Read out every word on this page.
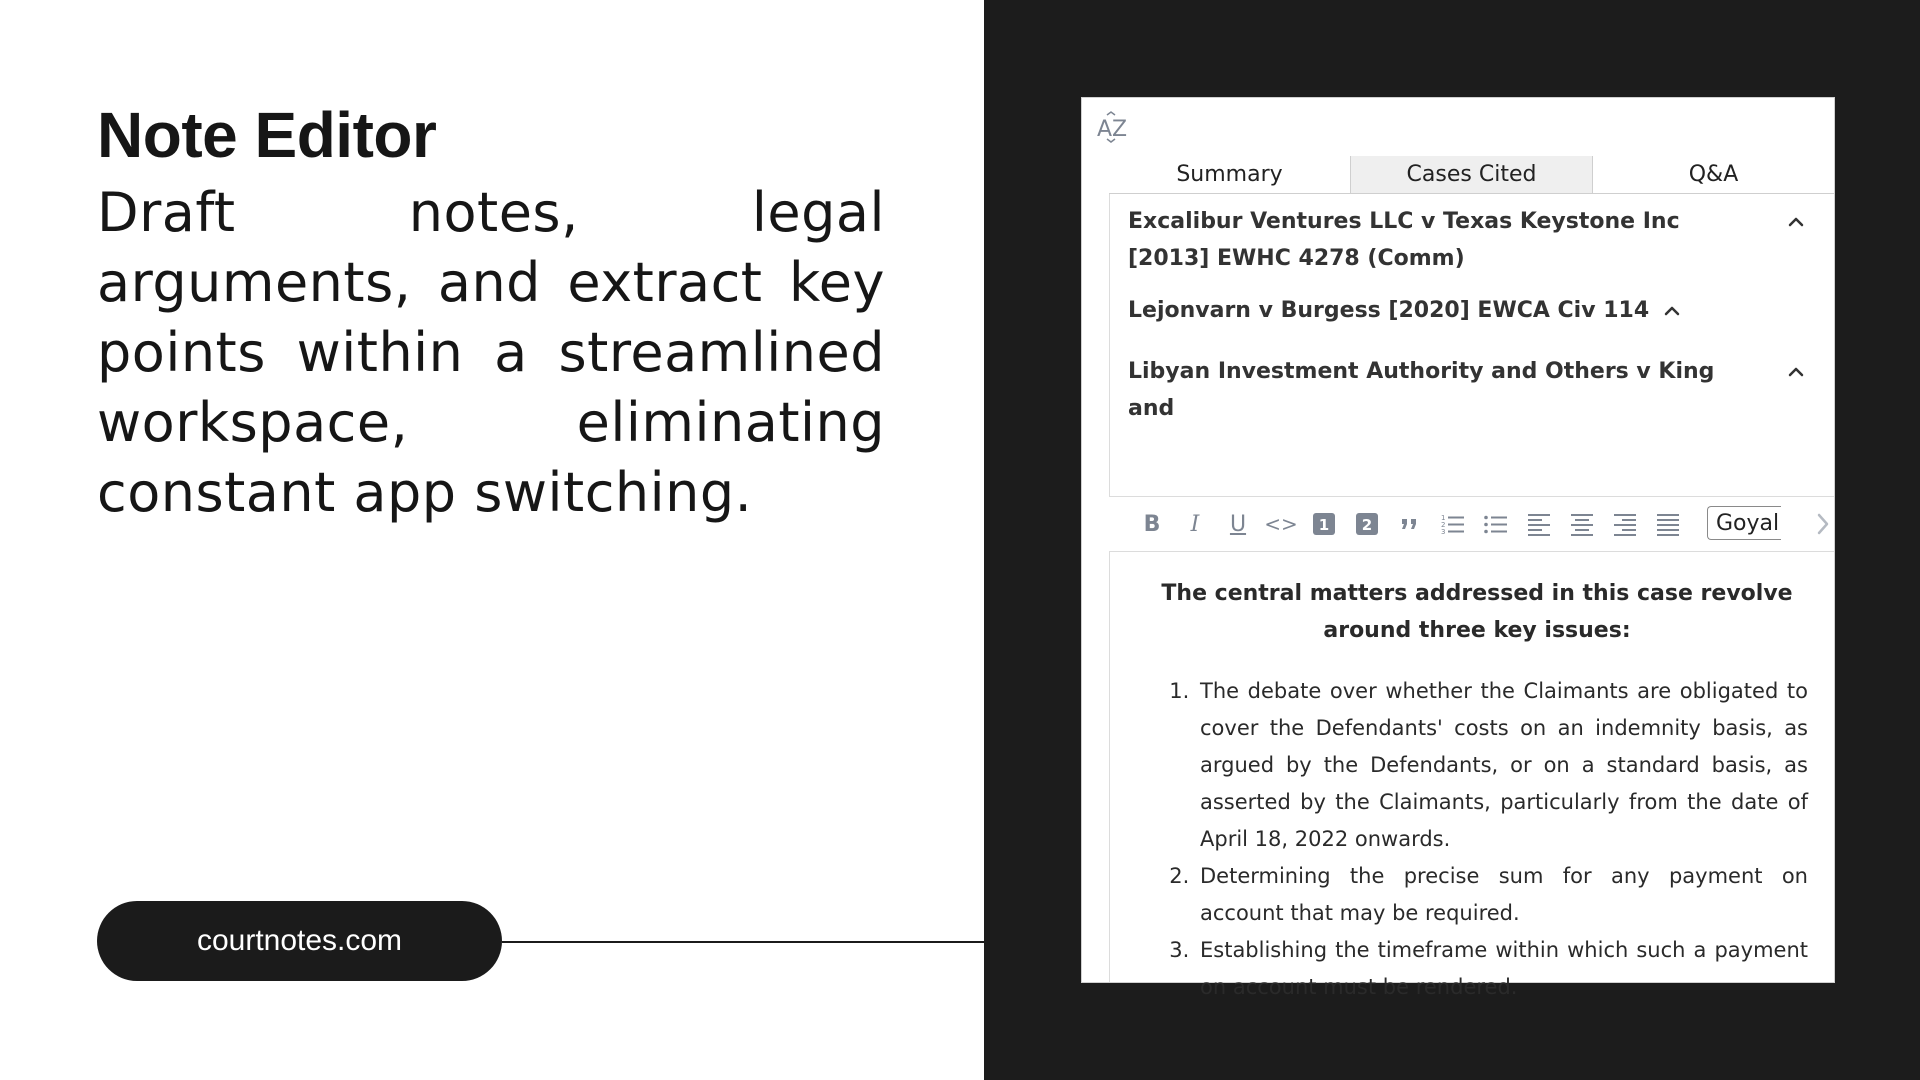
Note Editor

Draft notes, legal arguments, and extract key points within a streamlined workspace, eliminating constant app switching.

courtnotes.com
AZ
Summary	Cases Cited	Q&A
Excalibur Ventures LLC v Texas Keystone Inc [2013] EWHC 4278 (Comm)
Lejonvarn v Burgess [2020] EWCA Civ 114
Libyan Investment Authority and Others v King and
B	I	U <> 1 2	1
2
3	Goyal
The central matters addressed in this case revolve around three key issues:
1. The debate over whether the Claimants are obligated to cover the Defendants' costs on an indemnity basis, as argued by the Defendants, or on a standard basis, as asserted by the Claimants, particularly from the date of April 18, 2022 onwards.
2. Determining the precise sum for any payment on account that may be required.
3. Establishing the timeframe within which such a payment on account must be rendered.
